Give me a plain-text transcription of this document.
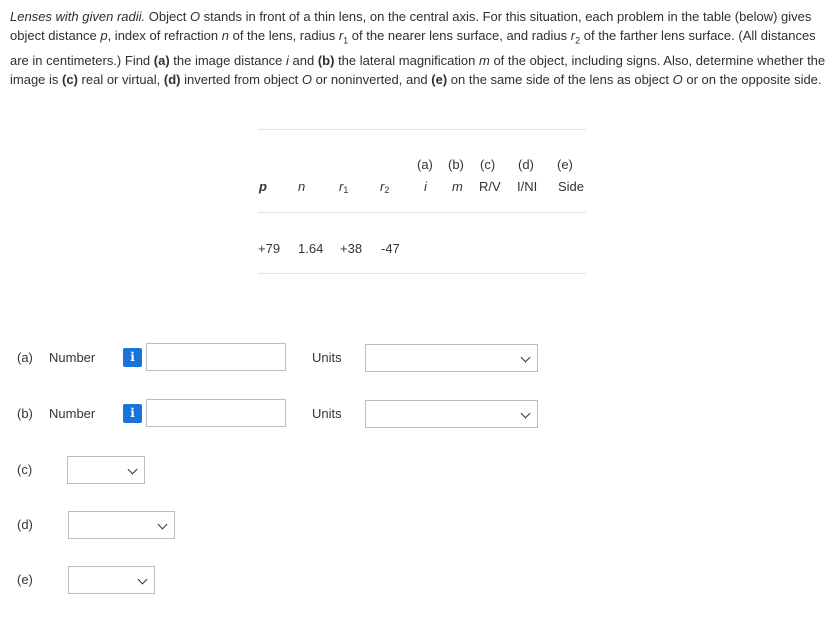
Lenses with given radii. Object O stands in front of a thin lens, on the central axis. For this situation, each problem in the table (below) gives object distance p, index of refraction n of the lens, radius $r_1$ of the nearer lens surface, and radius $r_2$ of the farther lens surface. (All distances are in centimeters.) Find (a) the image distance i and (b) the lateral magnification m of the object, including signs. Also, determine whether the image is (c) real or virtual, (d) inverted from object O or noninverted, and (e) on the same side of the lens as object O or on the opposite side.
(a) (b) (c) (d) (e)
p n	$r_1$ $r_2$	i m R/V I/NI Side
+79 1.64 +38 -47
(a) Number	i	Units
(b) Number	i	Units
(c)
(d)
(e)
